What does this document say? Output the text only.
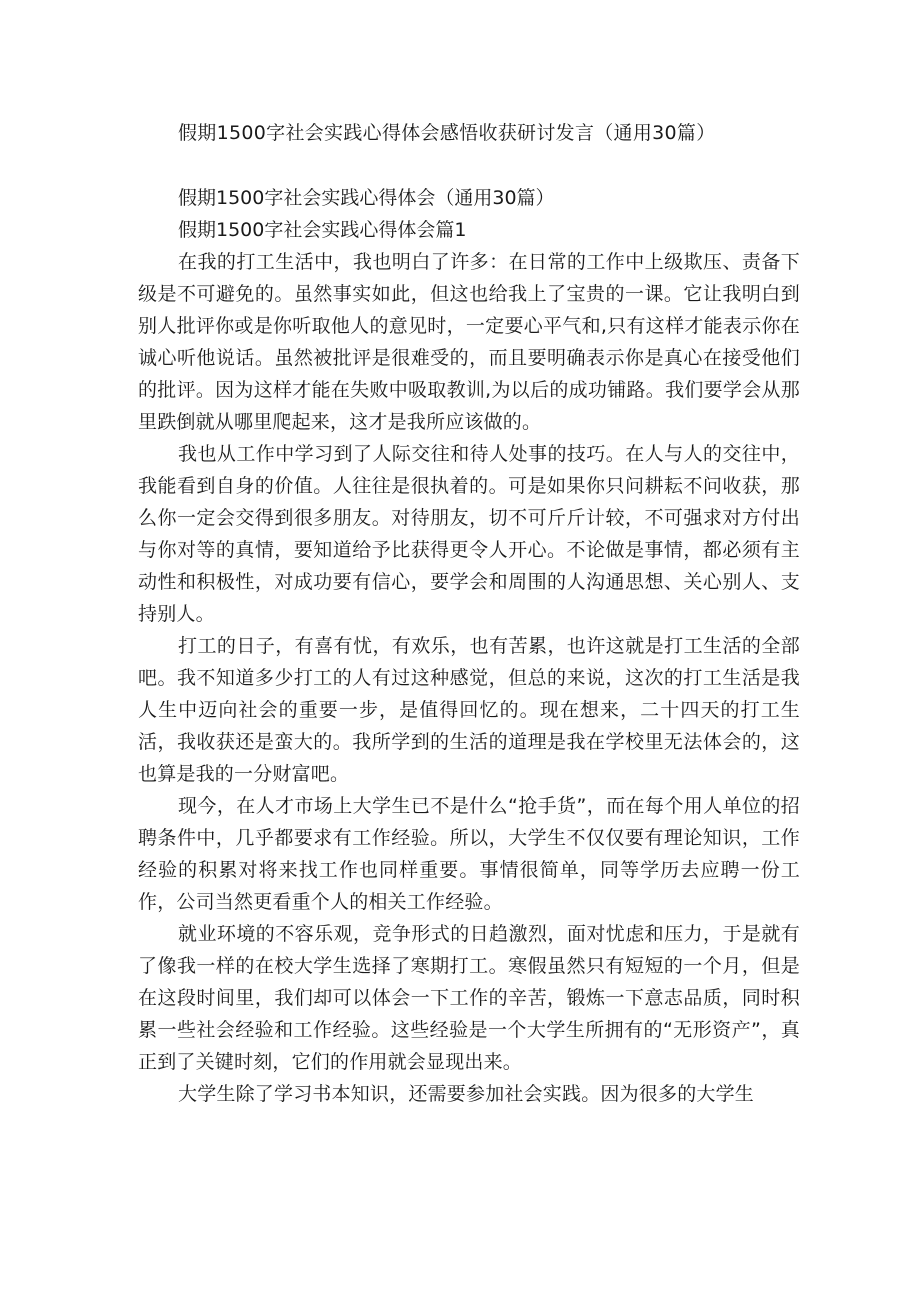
假期1500字社会实践心得体会感悟收获研讨发言（通用30篇）
假期1500字社会实践心得体会（通用30篇）
假期1500字社会实践心得体会篇1

在我的打工生活中，我也明白了许多：在日常的工作中上级欺压、责备下级是不可避免的。虽然事实如此，但这也给我上了宝贵的一课。它让我明白到别人批评你或是你听取他人的意见时，一定要心平气和,只有这样才能表示你在诚心听他说话。虽然被批评是很难受的，而且要明确表示你是真心在接受他们的批评。因为这样才能在失败中吸取教训,为以后的成功铺路。我们要学会从那里跌倒就从哪里爬起来，这才是我所应该做的。

我也从工作中学习到了人际交往和待人处事的技巧。在人与人的交往中，我能看到自身的价值。人往往是很执着的。可是如果你只问耕耘不问收获，那么你一定会交得到很多朋友。对待朋友，切不可斤斤计较，不可强求对方付出与你对等的真情，要知道给予比获得更令人开心。不论做是事情，都必须有主动性和积极性，对成功要有信心，要学会和周围的人沟通思想、关心别人、支持别人。

打工的日子，有喜有忧，有欢乐，也有苦累，也许这就是打工生活的全部吧。我不知道多少打工的人有过这种感觉，但总的来说，这次的打工生活是我人生中迈向社会的重要一步，是值得回忆的。现在想来，二十四天的打工生活，我收获还是蛮大的。我所学到的生活的道理是我在学校里无法体会的，这也算是我的一分财富吧。

现今，在人才市场上大学生已不是什么“抢手货”，而在每个用人单位的招聘条件中，几乎都要求有工作经验。所以，大学生不仅仅要有理论知识，工作经验的积累对将来找工作也同样重要。事情很简单，同等学历去应聘一份工作，公司当然更看重个人的相关工作经验。

就业环境的不容乐观，竞争形式的日趋激烈，面对忧虑和压力，于是就有了像我一样的在校大学生选择了寒期打工。寒假虽然只有短短的一个月，但是在这段时间里，我们却可以体会一下工作的辛苦，锻炼一下意志品质，同时积累一些社会经验和工作经验。这些经验是一个大学生所拥有的“无形资产”，真正到了关键时刻，它们的作用就会显现出来。

大学生除了学习书本知识，还需要参加社会实践。因为很多的大学生
